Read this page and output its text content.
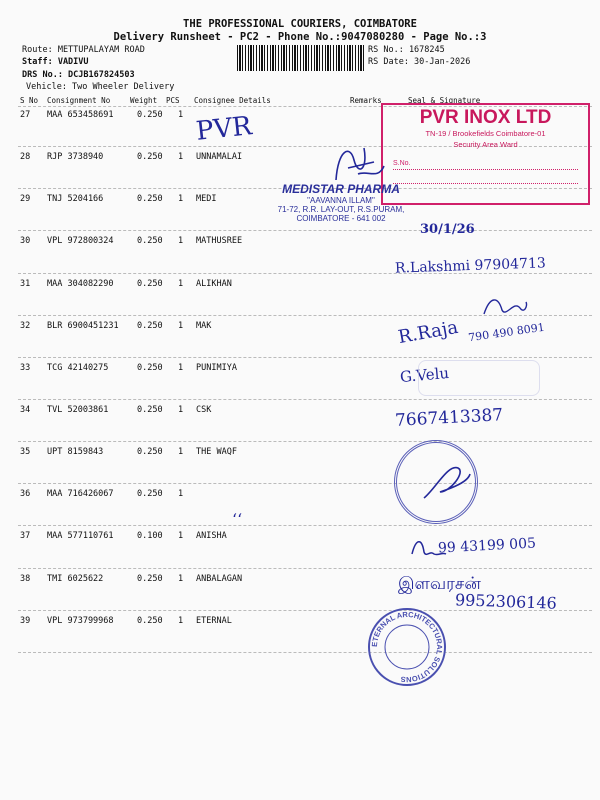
THE PROFESSIONAL COURIERS, COIMBATORE
Delivery Runsheet - PC2 - Phone No.:9047080280 - Page No.:3
Route: METTUPALAYAM ROAD
Staff: VADIVU
DRS No.: DCJB167824503
Vehicle: Two Wheeler Delivery
RS No.: 1678245
RS Date: 30-Jan-2026
S No Consignment No	Weight PCS Consignee Details	Remarks	Seal & Signature
27 MAA 653458691	0.250 1
28 RJP 3738940	0.250 1 UNNAMALAI
29 TNJ 5204166	0.250 1 MEDI
30 VPL 972800324	0.250 1 MATHUSREE
31 MAA 304082290	0.250 1 ALIKHAN
32 BLR 6900451231 0.250 1 MAK
33 TCG 42140275	0.250 1 PUNIMIYA
34 TVL 52003861	0.250 1 CSK
35 UPT 8159843	0.250 1 THE WAQF
36 MAA 716426067	0.250 1
37 MAA 577110761	0.100 1 ANISHA
38 TMI 6025622	0.250 1 ANBALAGAN
39 VPL 973799968	0.250 1 ETERNAL
PVR	PVR INOX LTD
TN-19 / Brookefields Coimbatore-01
Security Area Ward
S.No.
MEDISTAR PHARMA
"AAVANNA ILLAM"
71-72, R.R. LAY-OUT, R.S.PURAM,
COIMBATORE - 641 002
30/1/26
R.Lakshmi 97904713
R.Raja 790 490 8091
G.Velu
7667413387
‘‘
99 43199 005
இளவரசன்
9952306146
ETERNAL ARCHITECTURAL SOLUTIONS
